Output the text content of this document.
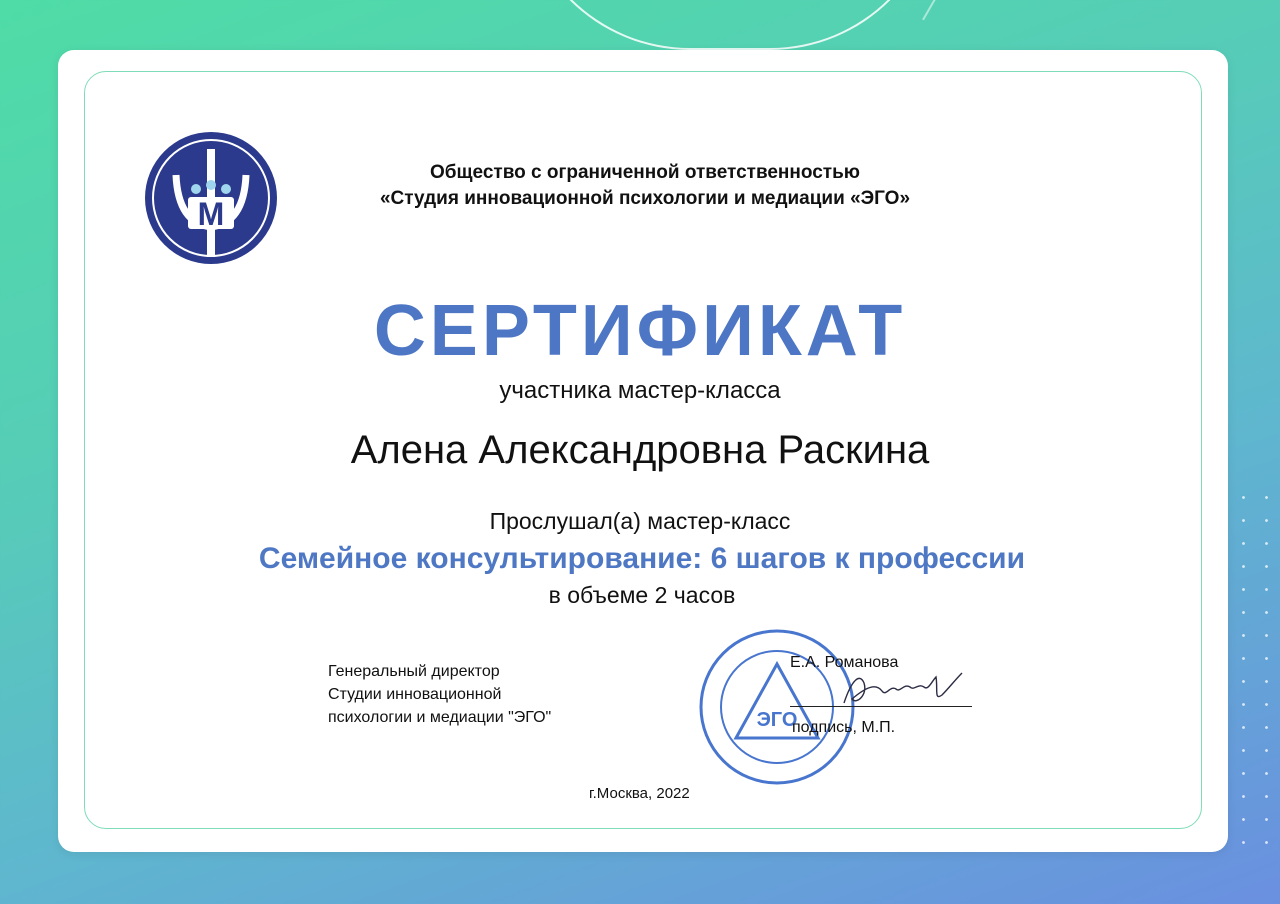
M
Общество с ограниченной ответственностью
«Студия инновационной психологии и медиации «ЭГО»
СЕРТИФИКАТ
участника мастер-класса
Алена Александровна Раскина
Прослушал(а) мастер-класс
Семейное консультирование: 6 шагов к профессии
в объеме 2 часов
Генеральный директор
Студии инновационной
психологии и медиации "ЭГО"	ЭГО
Е.А. Романова
подпись, М.П.
г.Москва, 2022
